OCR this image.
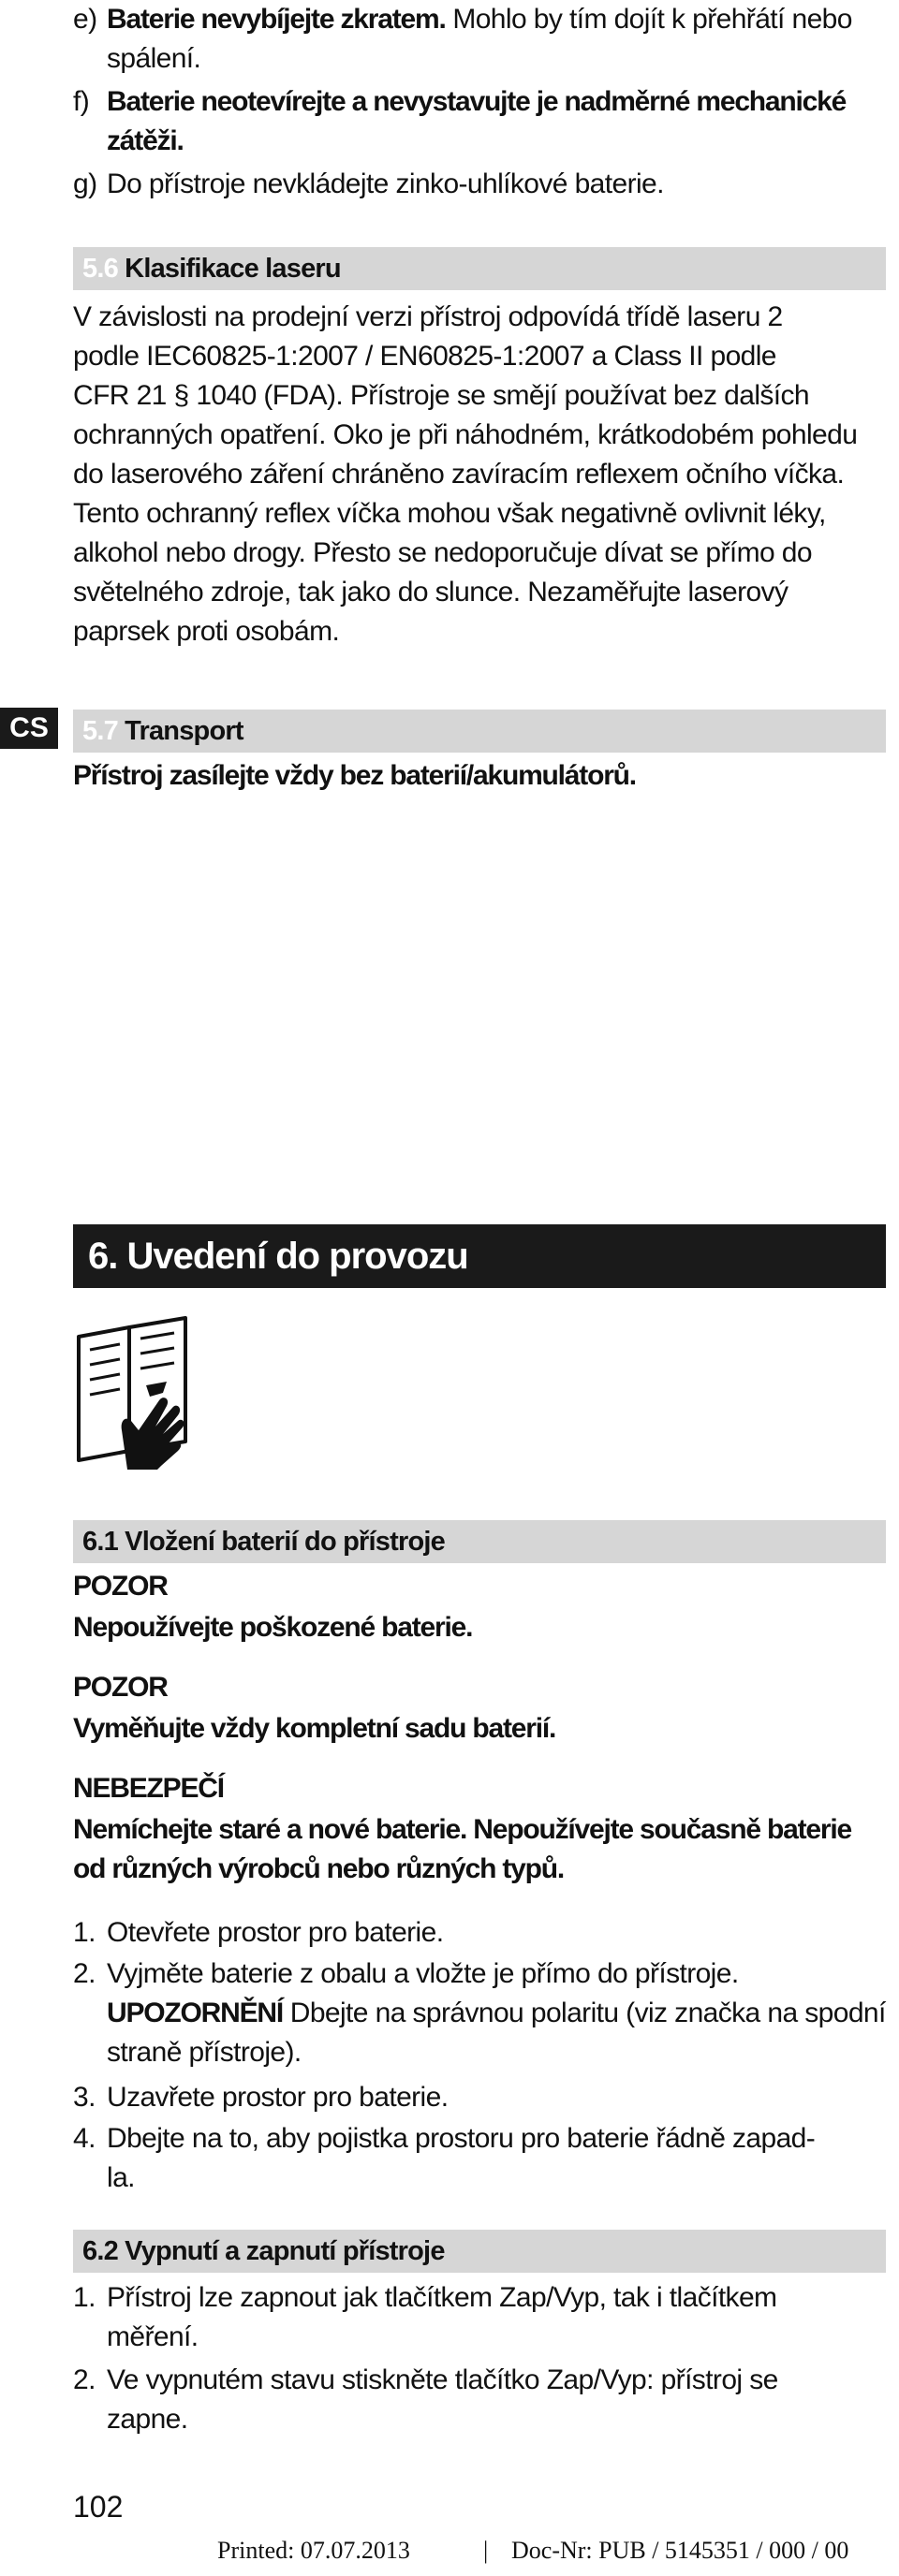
CS
e) Baterie nevybíjejte zkratem. Mohlo by tím dojít k přehřátí nebo spálení.
f) Baterie neotevírejte a nevystavujte je nadměrné mechanické zátěži.
g) Do přístroje nevkládejte zinko-uhlíkové baterie.
5.6 Klasifikace laseru
V závislosti na prodejní verzi přístroj odpovídá třídě laseru 2
podle IEC60825-1:2007 / EN60825-1:2007 a Class II podle
CFR 21 § 1040 (FDA). Přístroje se smějí používat bez dalších
ochranných opatření. Oko je při náhodném, krátkodobém pohledu
do laserového záření chráněno zavíracím reflexem očního víčka.
Tento ochranný reflex víčka mohou však negativně ovlivnit léky,
alkohol nebo drogy. Přesto se nedoporučuje dívat se přímo do
světelného zdroje, tak jako do slunce. Nezaměřujte laserový
paprsek proti osobám.
5.7 Transport
Přístroj zasílejte vždy bez baterií/akumulátorů.
6. Uvedení do provozu
6.1 Vložení baterií do přístroje
POZOR
Nepoužívejte poškozené baterie.
POZOR
Vyměňujte vždy kompletní sadu baterií.
NEBEZPEČÍ
Nemíchejte staré a nové baterie. Nepoužívejte současně baterie
od různých výrobců nebo různých typů.
1. Otevřete prostor pro baterie.
2. Vyjměte baterie z obalu a vložte je přímo do přístroje.
UPOZORNĚNÍ Dbejte na správnou polaritu (viz značka na spodní
straně přístroje).
3. Uzavřete prostor pro baterie.
4. Dbejte na to, aby pojistka prostoru pro baterie řádně zapad-
la.
6.2 Vypnutí a zapnutí přístroje
1. Přístroj lze zapnout jak tlačítkem Zap/Vyp, tak i tlačítkem
měření.
2. Ve vypnutém stavu stiskněte tlačítko Zap/Vyp: přístroj se
zapne.
102
Printed: 07.07.2013	| Doc-Nr: PUB / 5145351 / 000 / 00
